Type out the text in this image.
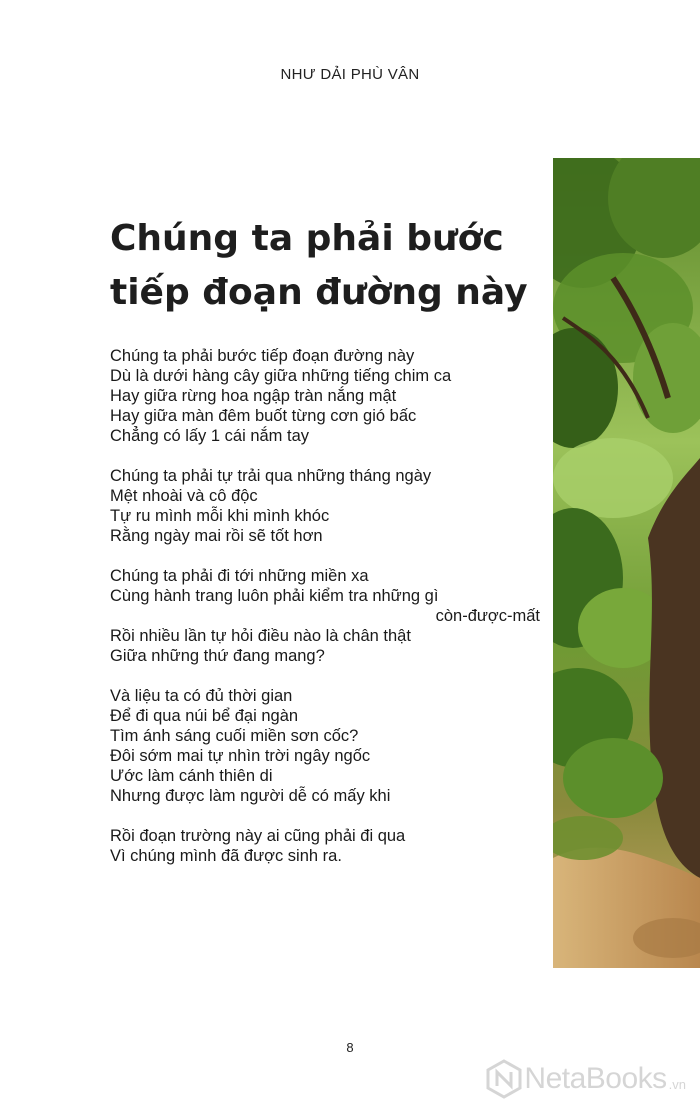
NHƯ DẢI PHÙ VÂN
Chúng ta phải bước
tiếp đoạn đường này
Chúng ta phải bước tiếp đoạn đường này
Dù là dưới hàng cây giữa những tiếng chim ca
Hay giữa rừng hoa ngập tràn nắng mật
Hay giữa màn đêm buốt từng cơn gió bấc
Chẳng có lấy 1 cái nắm tay
Chúng ta phải tự trải qua những tháng ngày
Mệt nhoài và cô độc
Tự ru mình mỗi khi mình khóc
Rằng ngày mai rồi sẽ tốt hơn
Chúng ta phải đi tới những miền xa
Cùng hành trang luôn phải kiểm tra những gì
còn-được-mất
Rồi nhiều lần tự hỏi điều nào là chân thật
Giữa những thứ đang mang?
Và liệu ta có đủ thời gian
Để đi qua núi bể đại ngàn
Tìm ánh sáng cuối miền sơn cốc?
Đôi sớm mai tự nhìn trời ngây ngốc
Ước làm cánh thiên di
Nhưng được làm người dễ có mấy khi
Rồi đoạn trường này ai cũng phải đi qua
Vì chúng mình đã được sinh ra.
8
NetaBooks .vn
